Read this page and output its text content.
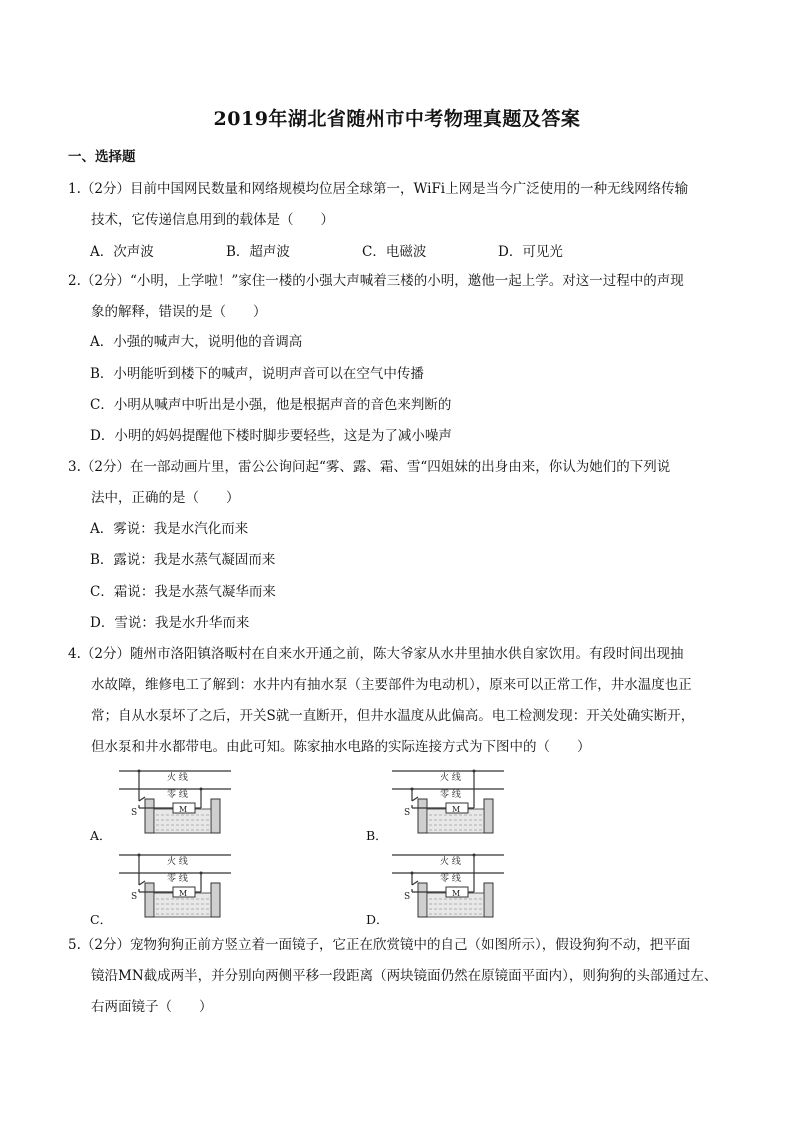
2019年湖北省随州市中考物理真题及答案
一、选择题
1.（2分）目前中国网民数量和网络规模均位居全球第一，WiFi上网是当今广泛使用的一种无线网络传输
技术，它传递信息用到的载体是（　　）
A．次声波	B．超声波	C．电磁波	D．可见光
2.（2分）“小明，上学啦！”家住一楼的小强大声喊着三楼的小明，邀他一起上学。对这一过程中的声现
象的解释，错误的是（　　）
A．小强的喊声大，说明他的音调高
B．小明能听到楼下的喊声，说明声音可以在空气中传播
C．小明从喊声中听出是小强，他是根据声音的音色来判断的
D．小明的妈妈提醒他下楼时脚步要轻些，这是为了减小噪声
3.（2分）在一部动画片里，雷公公询问起“雾、露、霜、雪“四姐妹的出身由来，你认为她们的下列说
法中，正确的是（　　）
A．雾说：我是水汽化而来
B．露说：我是水蒸气凝固而来
C．霜说：我是水蒸气凝华而来
D．雪说：我是水升华而来
4.（2分）随州市洛阳镇洛畈村在自来水开通之前，陈大爷家从水井里抽水供自家饮用。有段时间出现抽
水故障，维修电工了解到：水井内有抽水泵（主要部件为电动机），原来可以正常工作，井水温度也正
常；自从水泵坏了之后，开关S就一直断开，但井水温度从此偏高。电工检测发现：开关处确实断开，
但水泵和井水都带电。由此可知。陈家抽水电路的实际连接方式为下图中的（　　）
A．	B．
C．	D．
火 线
零 线
M
S
火 线
零 线
M
S
火 线
零 线
M
S
火 线
零 线
M
S
5.（2分）宠物狗狗正前方竖立着一面镜子，它正在欣赏镜中的自己（如图所示），假设狗狗不动，把平面
镜沿MN截成两半，并分别向两侧平移一段距离（两块镜面仍然在原镜面平面内），则狗狗的头部通过左、
右两面镜子（　　）
